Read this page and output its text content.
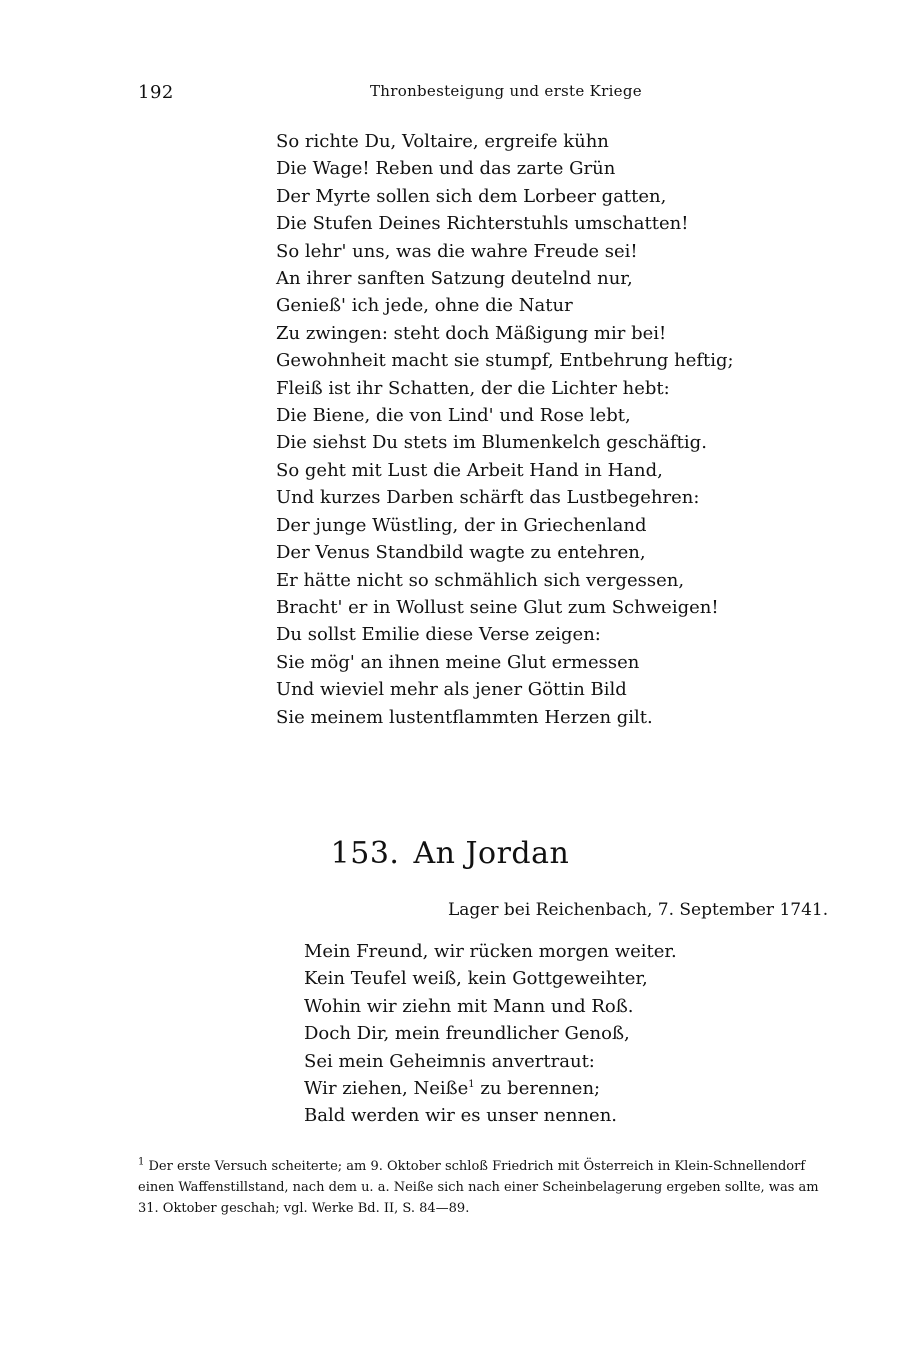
192	Thronbesteigung und erste Kriege
So richte Du, Voltaire, ergreife kühn
Die Wage! Reben und das zarte Grün
Der Myrte sollen sich dem Lorbeer gatten,
Die Stufen Deines Richterstuhls umschatten!
So lehr' uns, was die wahre Freude sei!
An ihrer sanften Satzung deutelnd nur,
Genieß' ich jede, ohne die Natur
Zu zwingen: steht doch Mäßigung mir bei!
Gewohnheit macht sie stumpf, Entbehrung heftig;
Fleiß ist ihr Schatten, der die Lichter hebt:
Die Biene, die von Lind' und Rose lebt,
Die siehst Du stets im Blumenkelch geschäftig.
So geht mit Lust die Arbeit Hand in Hand,
Und kurzes Darben schärft das Lustbegehren:
Der junge Wüstling, der in Griechenland
Der Venus Standbild wagte zu entehren,
Er hätte nicht so schmählich sich vergessen,
Bracht' er in Wollust seine Glut zum Schweigen!
Du sollst Emilie diese Verse zeigen:
Sie mög' an ihnen meine Glut ermessen
Und wieviel mehr als jener Göttin Bild
Sie meinem lustentflammten Herzen gilt.
153. An Jordan
Lager bei Reichenbach, 7. September 1741.
Mein Freund, wir rücken morgen weiter.
Kein Teufel weiß, kein Gottgeweihter,
Wohin wir ziehn mit Mann und Roß.
Doch Dir, mein freundlicher Genoß,
Sei mein Geheimnis anvertraut:
Wir ziehen, Neiße$^1$ zu berennen;
Bald werden wir es unser nennen.
$^1$ Der erste Versuch scheiterte; am 9. Oktober schloß Friedrich mit Österreich in Klein-Schnellendorf einen Waffenstillstand, nach dem u. a. Neiße sich nach einer Scheinbelagerung ergeben sollte, was am 31. Oktober geschah; vgl. Werke Bd. II, S. 84—89.
